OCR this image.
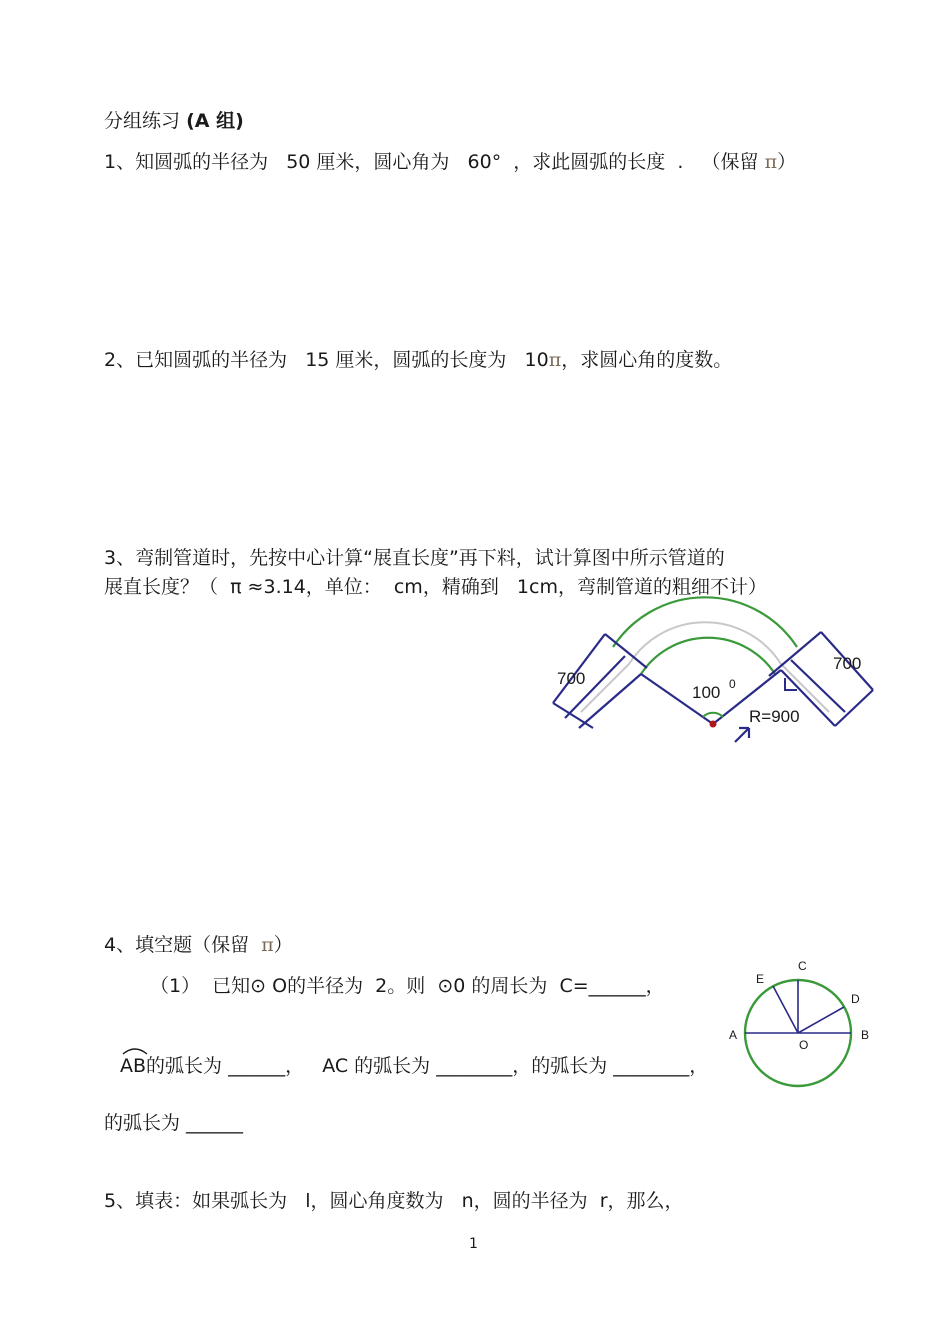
分组练习 (A 组)
1、知圆弧的半径为   50 厘米，圆心角为   60°  ，求此圆弧的长度  .   （保留 π）
2、已知圆弧的半径为   15 厘米，圆弧的长度为   10π，求圆心角的度数。
3、弯制管道时，先按中心计算“展直长度”再下料，试计算图中所示管道的
展直长度？（  π ≈3.14，单位：  cm，精确到   1cm，弯制管道的粗细不计）
700
700
100 0
R=900
4、填空题（保留  π）
（1）  已知⊙ O的半径为  2。则  ⊙0 的周长为  C=______，
AB的弧长为 ______，   AC 的弧长为 ________，的弧长为 ________，
的弧长为 ______
A	B
C
D
E
O
5、填表：如果弧长为   l，圆心角度数为   n，圆的半径为  r，那么，
1
